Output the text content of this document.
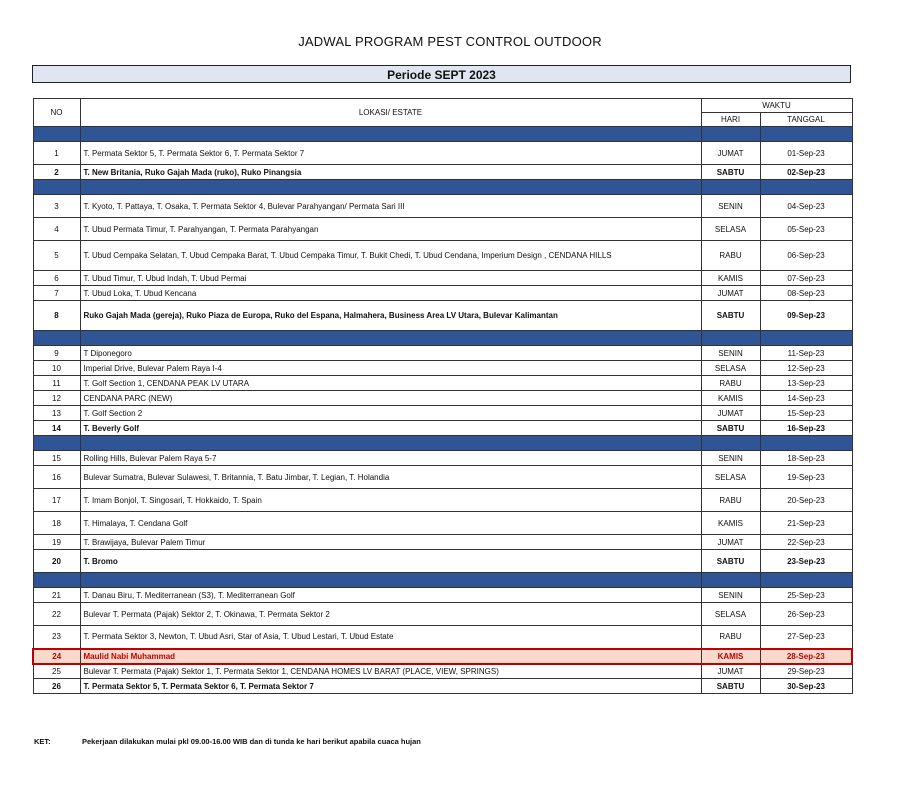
JADWAL PROGRAM PEST CONTROL OUTDOOR
Periode SEPT 2023
NO	LOKASI/ ESTATE	WAKTU	
		HARI	TANGGAL

1	T. Permata Sektor 5, T. Permata Sektor 6, T. Permata Sektor 7	JUMAT	01-Sep-23
2	T. New Britania, Ruko Gajah Mada (ruko), Ruko Pinangsia	SABTU	02-Sep-23

3	T. Kyoto, T. Pattaya, T. Osaka, T. Permata Sektor 4, Bulevar Parahyangan/ Permata Sari III	SENIN	04-Sep-23
4	T. Ubud Permata Timur, T. Parahyangan, T. Permata Parahyangan	SELASA	05-Sep-23
5	T. Ubud Cempaka Selatan, T. Ubud Cempaka Barat, T. Ubud Cempaka Timur, T. Bukit Chedi, T. Ubud Cendana, Imperium Design , CENDANA HILLS	RABU	06-Sep-23
6	T. Ubud Timur, T. Ubud Indah, T. Ubud Permai	KAMIS	07-Sep-23
7	T. Ubud Loka, T. Ubud Kencana	JUMAT	08-Sep-23
8	Ruko Gajah Mada (gereja), Ruko Piaza de Europa, Ruko del Espana, Halmahera, Business Area LV Utara, Bulevar Kalimantan	SABTU	09-Sep-23

9	T Diponegoro	SENIN	11-Sep-23
10	Imperial Drive, Bulevar Palem Raya I-4	SELASA	12-Sep-23
11	T. Golf Section 1, CENDANA PEAK LV UTARA	RABU	13-Sep-23
12	CENDANA PARC (NEW)	KAMIS	14-Sep-23
13	T. Golf Section 2	JUMAT	15-Sep-23
14	T. Beverly Golf	SABTU	16-Sep-23

15	Rolling Hills, Bulevar Palem Raya 5-7	SENIN	18-Sep-23
16	Bulevar Sumatra, Bulevar Sulawesi, T. Britannia, T. Batu Jimbar, T. Legian, T. Holandia	SELASA	19-Sep-23
17	T. Imam Bonjol, T. Singosari, T. Hokkaido, T. Spain	RABU	20-Sep-23
18	T. Himalaya, T. Cendana Golf	KAMIS	21-Sep-23
19	T. Brawijaya, Bulevar Palem Timur	JUMAT	22-Sep-23
20	T. Bromo	SABTU	23-Sep-23

21	T. Danau Biru, T. Mediterranean (S3), T. Mediterranean Golf	SENIN	25-Sep-23
22	Bulevar T. Permata (Pajak) Sektor 2, T. Okinawa, T. Permata Sektor 2	SELASA	26-Sep-23
23	T. Permata Sektor 3, Newton, T. Ubud Asri, Star of Asia, T. Ubud Lestari, T. Ubud Estate	RABU	27-Sep-23
24	Maulid Nabi Muhammad	KAMIS	28-Sep-23
25	Bulevar T. Permata (Pajak) Sektor 1, T. Permata Sektor 1, CENDANA HOMES LV BARAT (PLACE, VIEW, SPRINGS)	JUMAT	29-Sep-23
26	T. Permata Sektor 5, T. Permata Sektor 6, T. Permata Sektor 7	SABTU	30-Sep-23
KET:	Pekerjaan dilakukan mulai pkl 09.00-16.00 WIB dan di tunda ke hari berikut apabila cuaca hujan
